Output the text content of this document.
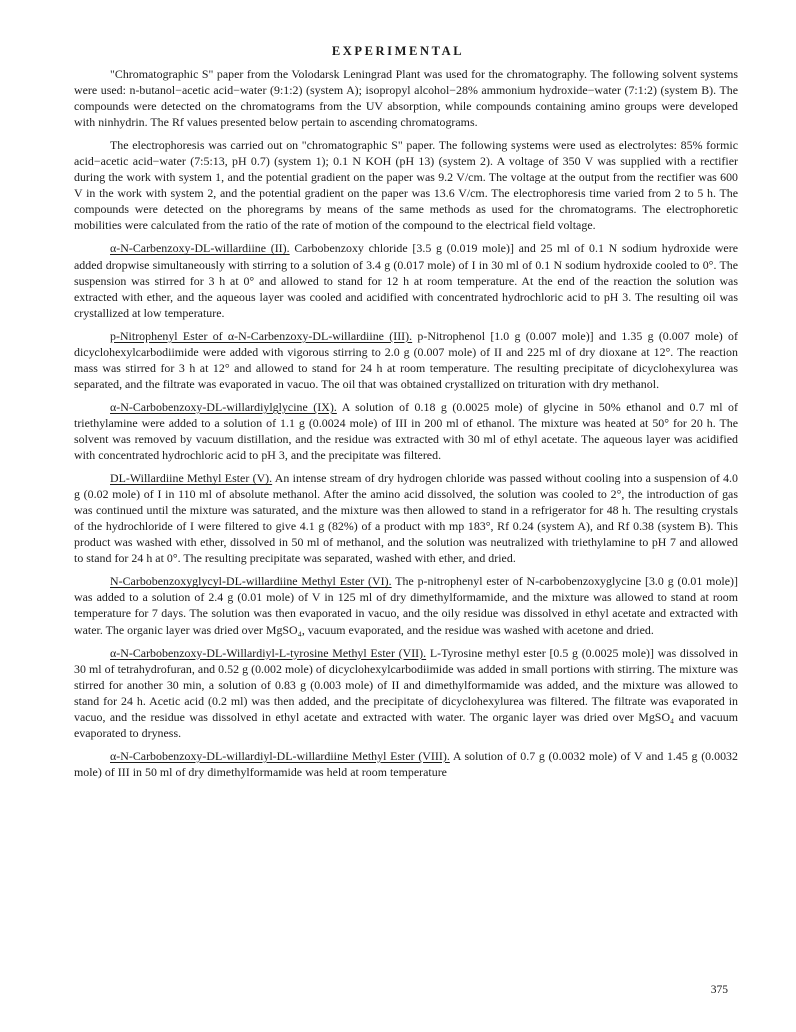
EXPERIMENTAL

"Chromatographic S" paper from the Volodarsk Leningrad Plant was used for the chromatography. The following solvent systems were used: n-butanol−acetic acid−water (9:1:2) (system A); isopropyl alcohol−28% ammonium hydroxide−water (7:1:2) (system B). The compounds were detected on the chromatograms from the UV absorption, while compounds containing amino groups were developed with ninhydrin. The Rf values presented below pertain to ascending chromatograms.

The electrophoresis was carried out on "chromatographic S" paper. The following systems were used as electrolytes: 85% formic acid−acetic acid−water (7:5:13, pH 0.7) (system 1); 0.1 N KOH (pH 13) (system 2). A voltage of 350 V was supplied with a rectifier during the work with system 1, and the potential gradient on the paper was 9.2 V/cm. The voltage at the output from the rectifier was 600 V in the work with system 2, and the potential gradient on the paper was 13.6 V/cm. The electrophoresis time varied from 2 to 5 h. The compounds were detected on the phoregrams by means of the same methods as used for the chromatograms. The electrophoretic mobilities were calculated from the ratio of the rate of motion of the compound to the electrical field voltage.

α-N-Carbenzoxy-DL-willardiine (II). Carbobenzoxy chloride [3.5 g (0.019 mole)] and 25 ml of 0.1 N sodium hydroxide were added dropwise simultaneously with stirring to a solution of 3.4 g (0.017 mole) of I in 30 ml of 0.1 N sodium hydroxide cooled to 0°. The suspension was stirred for 3 h at 0° and allowed to stand for 12 h at room temperature. At the end of the reaction the solution was extracted with ether, and the aqueous layer was cooled and acidified with concentrated hydrochloric acid to pH 3. The resulting oil was crystallized at low temperature.

p-Nitrophenyl Ester of α-N-Carbenzoxy-DL-willardiine (III). p-Nitrophenol [1.0 g (0.007 mole)] and 1.35 g (0.007 mole) of dicyclohexylcarbodiimide were added with vigorous stirring to 2.0 g (0.007 mole) of II and 225 ml of dry dioxane at 12°. The reaction mass was stirred for 3 h at 12° and allowed to stand for 24 h at room temperature. The resulting precipitate of dicyclohexylurea was separated, and the filtrate was evaporated in vacuo. The oil that was obtained crystallized on trituration with dry methanol.

α-N-Carbobenzoxy-DL-willardiylglycine (IX). A solution of 0.18 g (0.0025 mole) of glycine in 50% ethanol and 0.7 ml of triethylamine were added to a solution of 1.1 g (0.0024 mole) of III in 200 ml of ethanol. The mixture was heated at 50° for 20 h. The solvent was removed by vacuum distillation, and the residue was extracted with 30 ml of ethyl acetate. The aqueous layer was acidified with concentrated hydrochloric acid to pH 3, and the precipitate was filtered.

DL-Willardiine Methyl Ester (V). An intense stream of dry hydrogen chloride was passed without cooling into a suspension of 4.0 g (0.02 mole) of I in 110 ml of absolute methanol. After the amino acid dissolved, the solution was cooled to 2°, the introduction of gas was continued until the mixture was saturated, and the mixture was then allowed to stand in a refrigerator for 48 h. The resulting crystals of the hydrochloride of I were filtered to give 4.1 g (82%) of a product with mp 183°, Rf 0.24 (system A), and Rf 0.38 (system B). This product was washed with ether, dissolved in 50 ml of methanol, and the solution was neutralized with triethylamine to pH 7 and allowed to stand for 24 h at 0°. The resulting precipitate was separated, washed with ether, and dried.

N-Carbobenzoxyglycyl-DL-willardiine Methyl Ester (VI). The p-nitrophenyl ester of N-carbobenzoxyglycine [3.0 g (0.01 mole)] was added to a solution of 2.4 g (0.01 mole) of V in 125 ml of dry dimethylformamide, and the mixture was allowed to stand at room temperature for 7 days. The solution was then evaporated in vacuo, and the oily residue was dissolved in ethyl acetate and extracted with water. The organic layer was dried over MgSO₄, vacuum evaporated, and the residue was washed with acetone and dried.

α-N-Carbobenzoxy-DL-Willardiyl-L-tyrosine Methyl Ester (VII). L-Tyrosine methyl ester [0.5 g (0.0025 mole)] was dissolved in 30 ml of tetrahydrofuran, and 0.52 g (0.002 mole) of dicyclohexylcarbodiimide was added in small portions with stirring. The mixture was stirred for another 30 min, a solution of 0.83 g (0.003 mole) of II and dimethylformamide was added, and the mixture was allowed to stand for 24 h. Acetic acid (0.2 ml) was then added, and the precipitate of dicyclohexylurea was filtered. The filtrate was evaporated in vacuo, and the residue was dissolved in ethyl acetate and extracted with water. The organic layer was dried over MgSO₄ and vacuum evaporated to dryness.

α-N-Carbobenzoxy-DL-willardiyl-DL-willardiine Methyl Ester (VIII). A solution of 0.7 g (0.0032 mole) of V and 1.45 g (0.0032 mole) of III in 50 ml of dry dimethylformamide was held at room temperature

375
